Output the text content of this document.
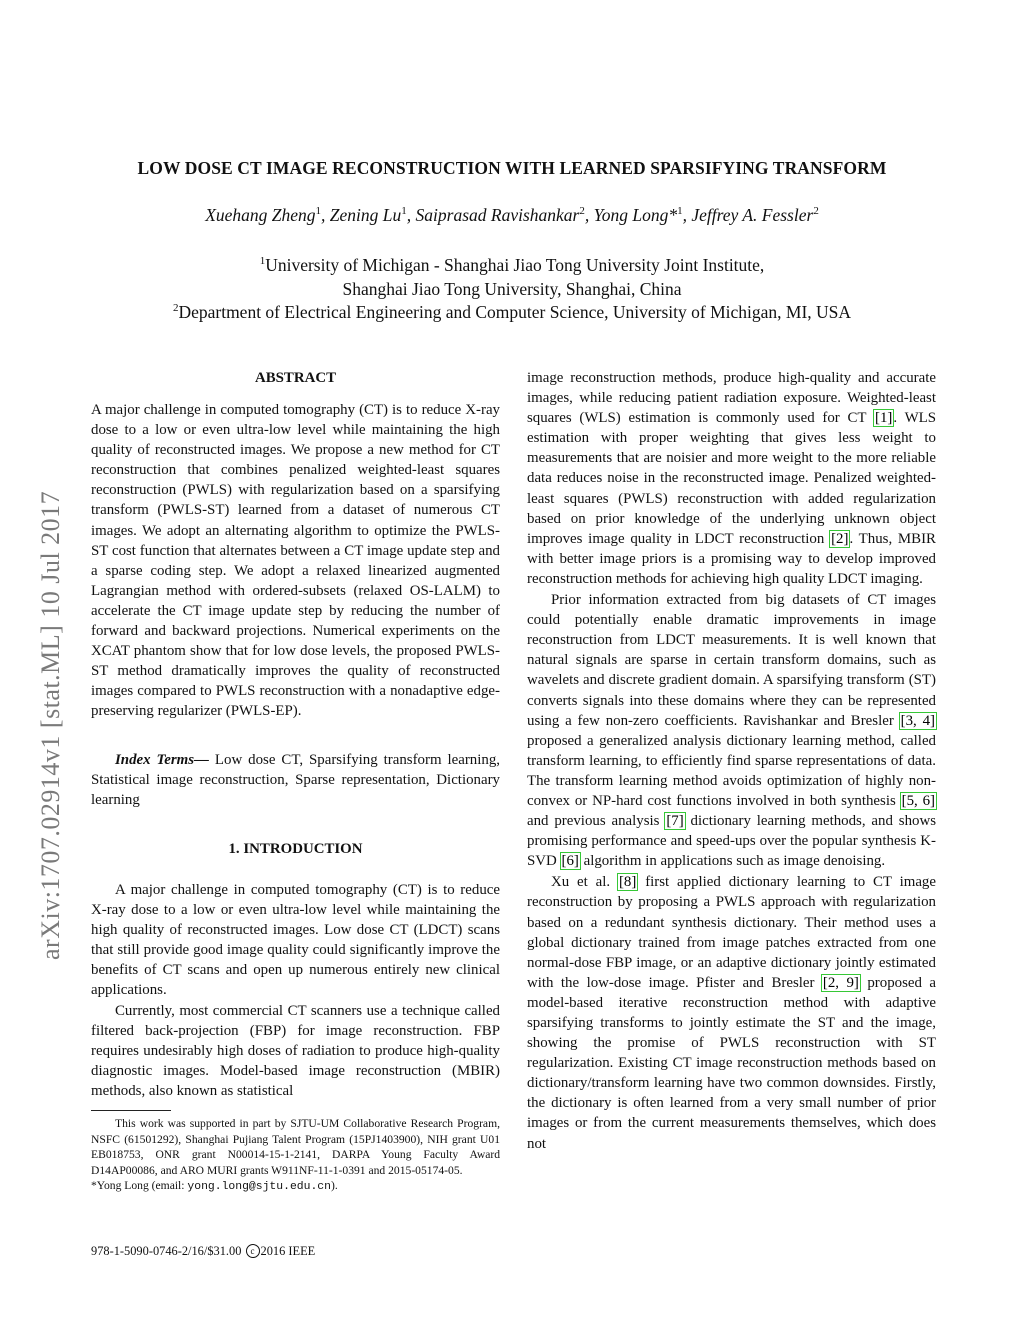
arXiv:1707.02914v1 [stat.ML] 10 Jul 2017
LOW DOSE CT IMAGE RECONSTRUCTION WITH LEARNED SPARSIFYING TRANSFORM
Xuehang Zheng$^1$, Zening Lu$^1$, Saiprasad Ravishankar$^2$, Yong Long*$^1$, Jeffrey A. Fessler$^2$
$^1$University of Michigan - Shanghai Jiao Tong University Joint Institute,
Shanghai Jiao Tong University, Shanghai, China
$^2$Department of Electrical Engineering and Computer Science, University of Michigan, MI, USA
ABSTRACT

A major challenge in computed tomography (CT) is to reduce X-ray dose to a low or even ultra-low level while maintaining the high quality of reconstructed images. We propose a new method for CT reconstruction that combines penalized weighted-least squares reconstruction (PWLS) with regularization based on a sparsifying transform (PWLS-ST) learned from a dataset of numerous CT images. We adopt an alternating algorithm to optimize the PWLS-ST cost function that alternates between a CT image update step and a sparse coding step. We adopt a relaxed linearized augmented Lagrangian method with ordered-subsets (relaxed OS-LALM) to accelerate the CT image update step by reducing the number of forward and backward projections. Numerical experiments on the XCAT phantom show that for low dose levels, the proposed PWLS-ST method dramatically improves the quality of reconstructed images compared to PWLS reconstruction with a nonadaptive edge-preserving regularizer (PWLS-EP).

Index Terms— Low dose CT, Sparsifying transform learning, Statistical image reconstruction, Sparse representation, Dictionary learning

1. INTRODUCTION

A major challenge in computed tomography (CT) is to reduce X-ray dose to a low or even ultra-low level while maintaining the high quality of reconstructed images. Low dose CT (LDCT) scans that still provide good image quality could significantly improve the benefits of CT scans and open up numerous entirely new clinical applications.

Currently, most commercial CT scanners use a technique called filtered back-projection (FBP) for image reconstruction. FBP requires undesirably high doses of radiation to produce high-quality diagnostic images. Model-based image reconstruction (MBIR) methods, also known as statistical

This work was supported in part by SJTU-UM Collaborative Research Program, NSFC (61501292), Shanghai Pujiang Talent Program (15PJ1403900), NIH grant U01 EB018753, ONR grant N00014-15-1-2141, DARPA Young Faculty Award D14AP00086, and ARO MURI grants W911NF-11-1-0391 and 2015-05174-05.
*Yong Long (email: yong.long@sjtu.edu.cn).
978-1-5090-0746-2/16/$31.00 c 2016 IEEE

image reconstruction methods, produce high-quality and accurate images, while reducing patient radiation exposure. Weighted-least squares (WLS) estimation is commonly used for CT [1]. WLS estimation with proper weighting that gives less weight to measurements that are noisier and more weight to the more reliable data reduces noise in the reconstructed image. Penalized weighted-least squares (PWLS) reconstruction with added regularization based on prior knowledge of the underlying unknown object improves image quality in LDCT reconstruction [2]. Thus, MBIR with better image priors is a promising way to develop improved reconstruction methods for achieving high quality LDCT imaging.

Prior information extracted from big datasets of CT images could potentially enable dramatic improvements in image reconstruction from LDCT measurements. It is well known that natural signals are sparse in certain transform domains, such as wavelets and discrete gradient domain. A sparsifying transform (ST) converts signals into these domains where they can be represented using a few non-zero coefficients. Ravishankar and Bresler [3, 4] proposed a generalized analysis dictionary learning method, called transform learning, to efficiently find sparse representations of data. The transform learning method avoids optimization of highly non-convex or NP-hard cost functions involved in both synthesis [5, 6] and previous analysis [7] dictionary learning methods, and shows promising performance and speed-ups over the popular synthesis K-SVD [6] algorithm in applications such as image denoising.

Xu et al. [8] first applied dictionary learning to CT image reconstruction by proposing a PWLS approach with regularization based on a redundant synthesis dictionary. Their method uses a global dictionary trained from image patches extracted from one normal-dose FBP image, or an adaptive dictionary jointly estimated with the low-dose image. Pfister and Bresler [2, 9] proposed a model-based iterative reconstruction method with adaptive sparsifying transforms to jointly estimate the ST and the image, showing the promise of PWLS reconstruction with ST regularization. Existing CT image reconstruction methods based on dictionary/transform learning have two common downsides. Firstly, the dictionary is often learned from a very small number of prior images or from the current measurements themselves, which does not
